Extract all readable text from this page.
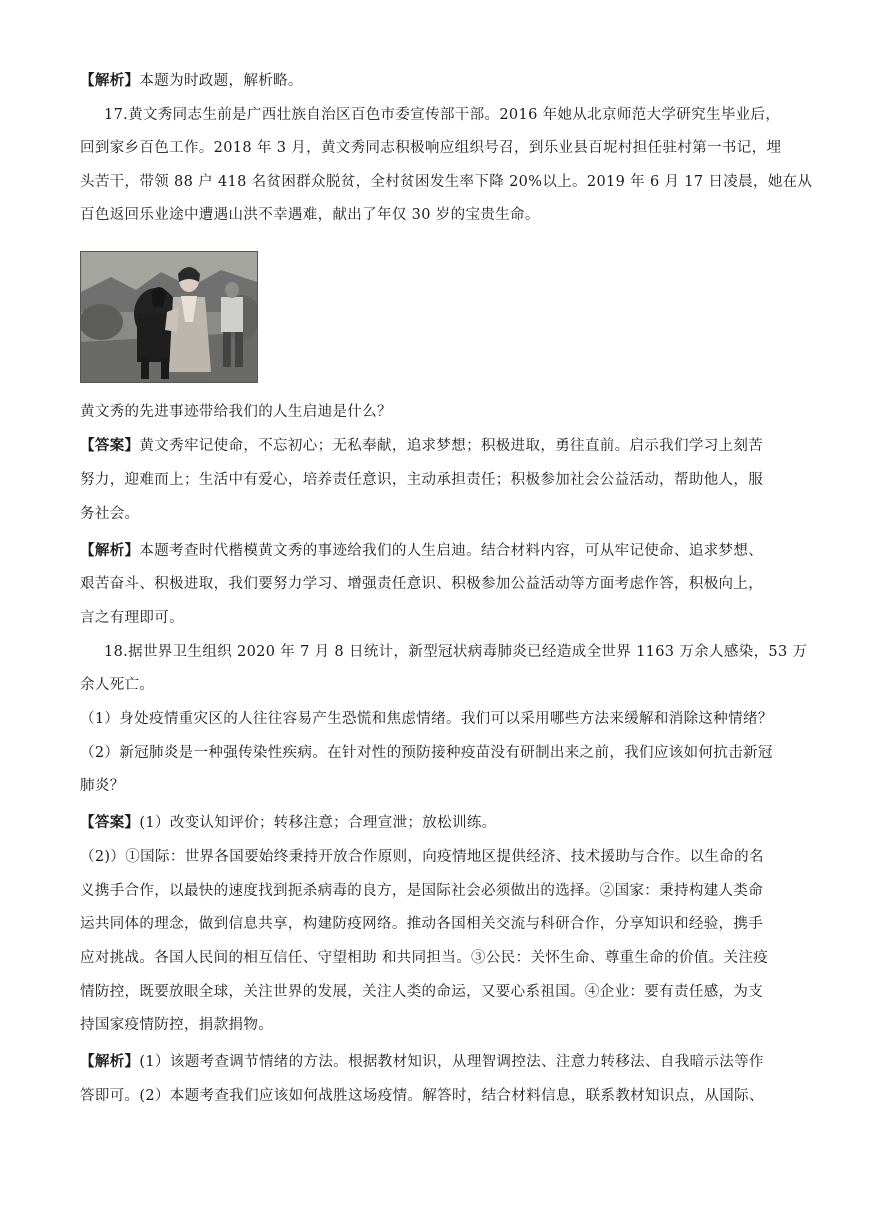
【解析】本题为时政题，解析略。
17.黄文秀同志生前是广西壮族自治区百色市委宣传部干部。2016 年她从北京师范大学研究生毕业后，
回到家乡百色工作。2018 年 3 月，黄文秀同志积极响应组织号召，到乐业县百坭村担任驻村第一书记，埋
头苦干，带领 88 户 418 名贫困群众脱贫，全村贫困发生率下降 20%以上。2019 年 6 月 17 日凌晨，她在从
百色返回乐业途中遭遇山洪不幸遇难，献出了年仅 30 岁的宝贵生命。
黄文秀的先进事迹带给我们的人生启迪是什么？
【答案】黄文秀牢记使命，不忘初心；无私奉献，追求梦想；积极进取，勇往直前。启示我们学习上刻苦
努力，迎难而上；生活中有爱心，培养责任意识，主动承担责任；积极参加社会公益活动，帮助他人，服
务社会。
【解析】本题考查时代楷模黄文秀的事迹给我们的人生启迪。结合材料内容，可从牢记使命、追求梦想、
艰苦奋斗、积极进取，我们要努力学习、增强责任意识、积极参加公益活动等方面考虑作答，积极向上，
言之有理即可。
18.据世界卫生组织 2020 年 7 月 8 日统计，新型冠状病毒肺炎已经造成全世界 1163 万余人感染，53 万
余人死亡。
（1）身处疫情重灾区的人往往容易产生恐慌和焦虑情绪。我们可以采用哪些方法来缓解和消除这种情绪？
（2）新冠肺炎是一种强传染性疾病。在针对性的预防接种疫苗没有研制出来之前，我们应该如何抗击新冠
肺炎？
【答案】(1）改变认知评价；转移注意；合理宣泄；放松训练。
（2)）①国际：世界各国要始终秉持开放合作原则，向疫情地区提供经济、技术援助与合作。以生命的名
义携手合作，以最快的速度找到扼杀病毒的良方，是国际社会必须做出的选择。②国家：秉持构建人类命
运共同体的理念，做到信息共享，构建防疫网络。推动各国相关交流与科研合作，分享知识和经验，携手
应对挑战。各国人民间的相互信任、守望相助 和共同担当。③公民：关怀生命、尊重生命的价值。关注疫
情防控，既要放眼全球，关注世界的发展，关注人类的命运，又要心系祖国。④企业：要有责任感，为支
持国家疫情防控，捐款捐物。
【解析】(1）该题考查调节情绪的方法。根据教材知识，从理智调控法、注意力转移法、自我暗示法等作
答即可。(2）本题考查我们应该如何战胜这场疫情。解答时，结合材料信息，联系教材知识点，从国际、
